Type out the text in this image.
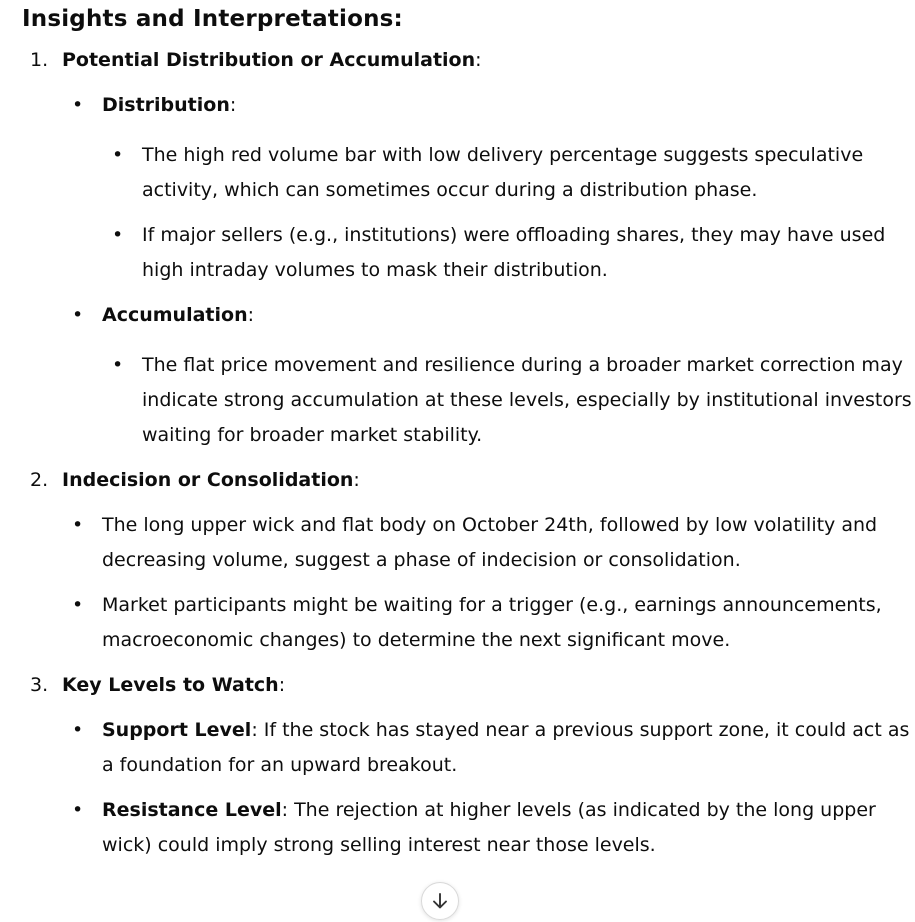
Insights and Interpretations:
1. Potential Distribution or Accumulation:
• Distribution:
• The high red volume bar with low delivery percentage suggests speculative activity, which can sometimes occur during a distribution phase.
• If major sellers (e.g., institutions) were offloading shares, they may have used high intraday volumes to mask their distribution.
• Accumulation:
• The flat price movement and resilience during a broader market correction may indicate strong accumulation at these levels, especially by institutional investors waiting for broader market stability.
2. Indecision or Consolidation:
• The long upper wick and flat body on October 24th, followed by low volatility and decreasing volume, suggest a phase of indecision or consolidation.
• Market participants might be waiting for a trigger (e.g., earnings announcements, macroeconomic changes) to determine the next significant move.
3. Key Levels to Watch:
• Support Level: If the stock has stayed near a previous support zone, it could act as a foundation for an upward breakout.
• Resistance Level: The rejection at higher levels (as indicated by the long upper wick) could imply strong selling interest near those levels.
